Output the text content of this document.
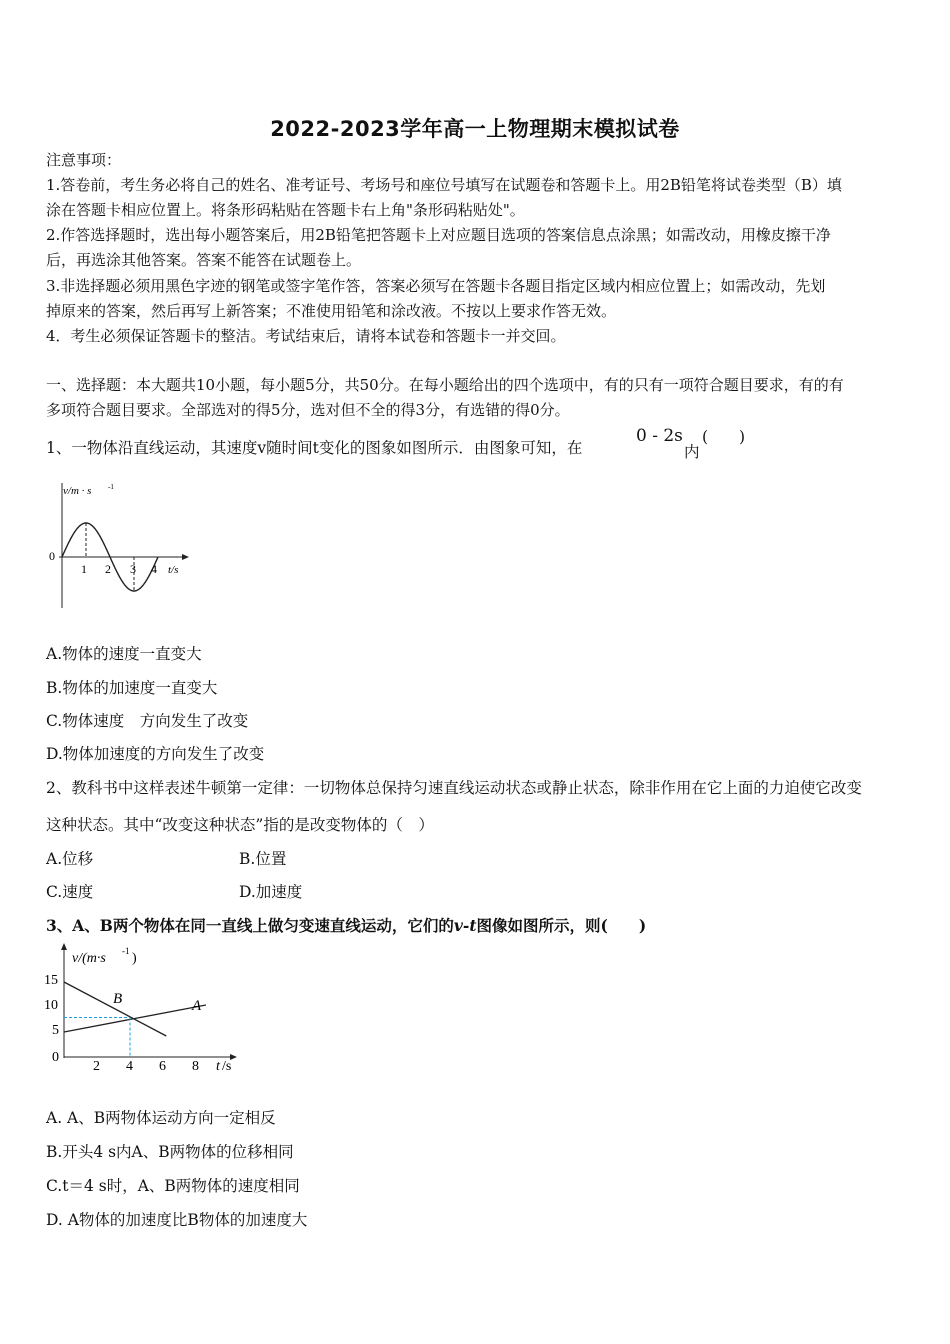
2022-2023学年高一上物理期末模拟试卷
注意事项：
1.答卷前，考生务必将自己的姓名、准考证号、考场号和座位号填写在试题卷和答题卡上。用2B铅笔将试卷类型（B）填
涂在答题卡相应位置上。将条形码粘贴在答题卡右上角"条形码粘贴处"。
2.作答选择题时，选出每小题答案后，用2B铅笔把答题卡上对应题目选项的答案信息点涂黑；如需改动，用橡皮擦干净
后，再选涂其他答案。答案不能答在试题卷上。
3.非选择题必须用黑色字迹的钢笔或签字笔作答，答案必须写在答题卡各题目指定区域内相应位置上；如需改动，先划
掉原来的答案，然后再写上新答案；不准使用铅笔和涂改液。不按以上要求作答无效。
4．考生必须保证答题卡的整洁。考试结束后，请将本试卷和答题卡一并交回。
一、选择题：本大题共10小题，每小题5分，共50分。在每小题给出的四个选项中，有的只有一项符合题目要求，有的有
多项符合题目要求。全部选对的得5分，选对但不全的得3分，有选错的得0分。
1、一物体沿直线运动，其速度v随时间t变化的图象如图所示．由图象可知，在
0 - 2s
内
(　　)
v/m · s -1
0
1 2 3 4 t/s
A.物体的速度一直变大
B.物体的加速度一直变大
C.物体速度　方向发生了改变
D.物体加速度的方向发生了改变
2、教科书中这样表述牛顿第一定律：一切物体总保持匀速直线运动状态或静止状态，除非作用在它上面的力迫使它改变
这种状态。其中“改变这种状态”指的是改变物体的（　）
A.位移	B.位置
C.速度	D.加速度
3、A、B两个物体在同一直线上做匀变速直线运动，它们的v-t图像如图所示，则(　　)
v/(m·s -1 )
15
10
5
0
2 4 6 8 t /s
B	A
A. A、B两物体运动方向一定相反
B.开头4 s内A、B两物体的位移相同
C.t＝4 s时，A、B两物体的速度相同
D. A物体的加速度比B物体的加速度大
